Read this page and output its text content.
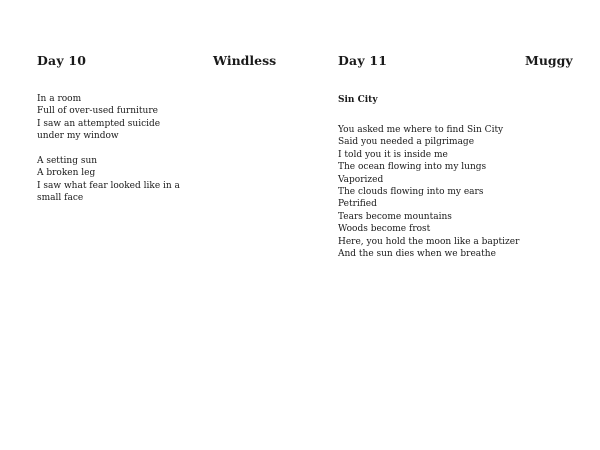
Day 10	Windless
In a room
Full of over-used furniture
I saw an attempted suicide
under my window
A setting sun
A broken leg
I saw what fear looked like in a
small face
Day 11	Muggy
Sin City
You asked me where to find Sin City
Said you needed a pilgrimage
I told you it is inside me
The ocean flowing into my lungs
Vaporized
The clouds flowing into my ears
Petrified
Tears become mountains
Woods become frost
Here, you hold the moon like a baptizer
And the sun dies when we breathe
